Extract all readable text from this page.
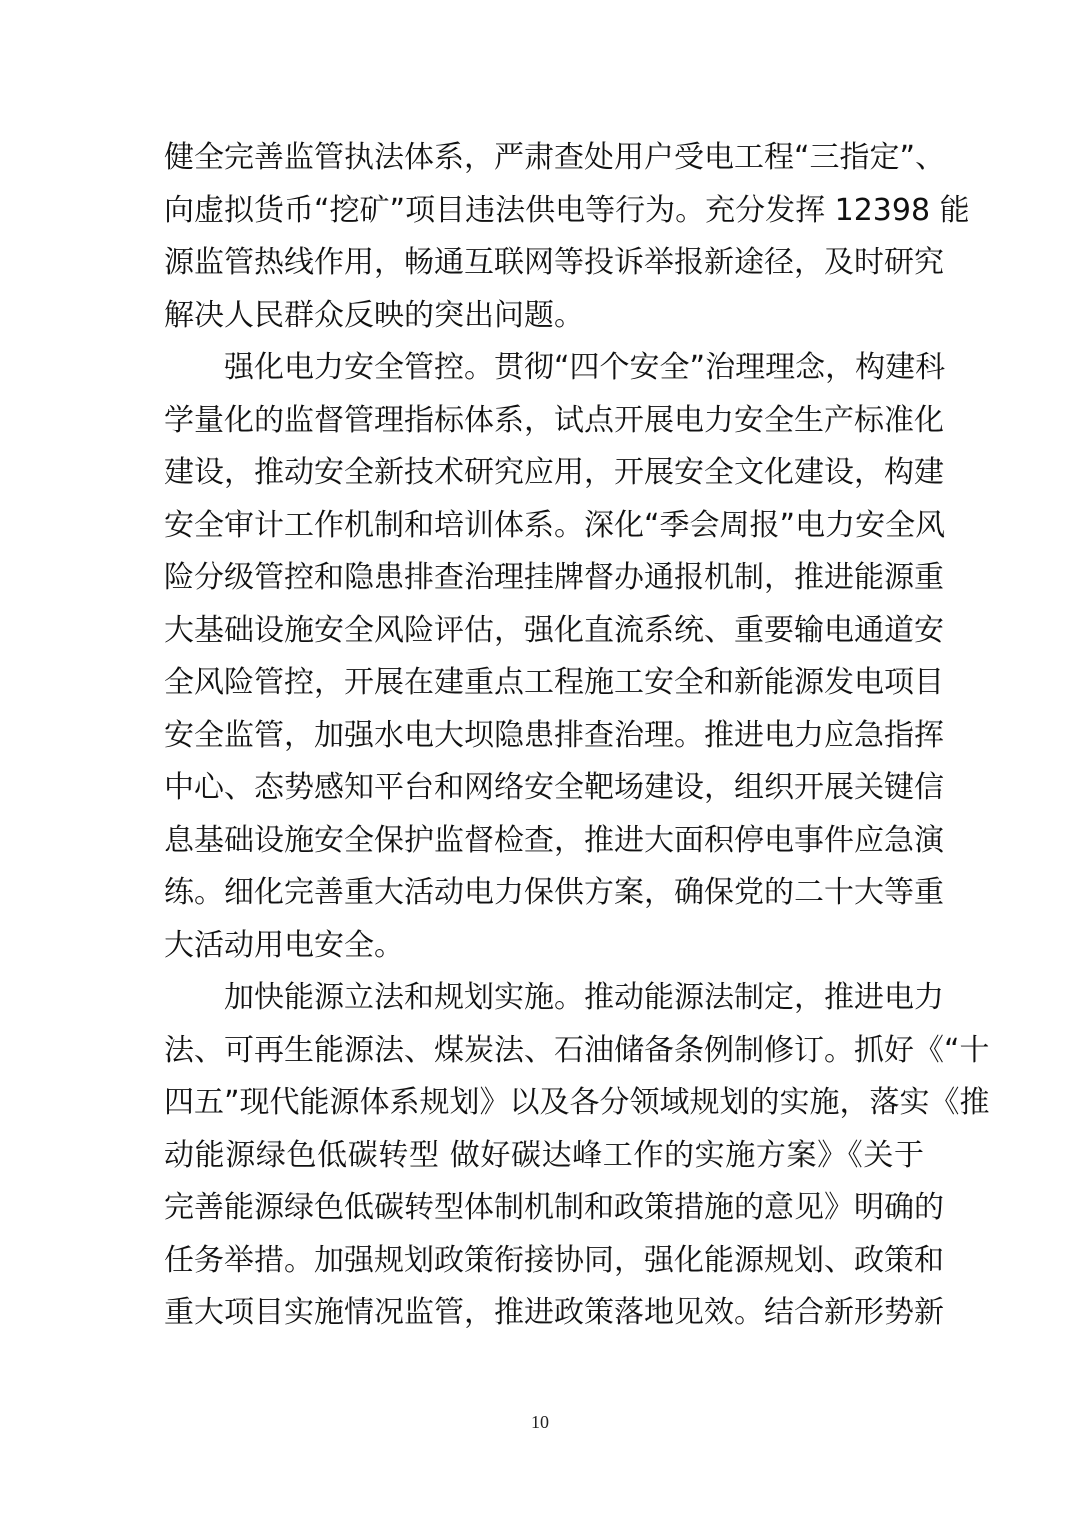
健全完善监管执法体系，严肃查处用户受电工程“三指定”、
向虚拟货币“挖矿”项目违法供电等行为。充分发挥 12398 能
源监管热线作用，畅通互联网等投诉举报新途径，及时研究
解决人民群众反映的突出问题。
强化电力安全管控。贯彻“四个安全”治理理念，构建科
学量化的监督管理指标体系，试点开展电力安全生产标准化
建设，推动安全新技术研究应用，开展安全文化建设，构建
安全审计工作机制和培训体系。深化“季会周报”电力安全风
险分级管控和隐患排查治理挂牌督办通报机制，推进能源重
大基础设施安全风险评估，强化直流系统、重要输电通道安
全风险管控，开展在建重点工程施工安全和新能源发电项目
安全监管，加强水电大坝隐患排查治理。推进电力应急指挥
中心、态势感知平台和网络安全靶场建设，组织开展关键信
息基础设施安全保护监督检查，推进大面积停电事件应急演
练。细化完善重大活动电力保供方案，确保党的二十大等重
大活动用电安全。
加快能源立法和规划实施。推动能源法制定，推进电力
法、可再生能源法、煤炭法、石油储备条例制修订。抓好《“十
四五”现代能源体系规划》以及各分领域规划的实施，落实《推
动能源绿色低碳转型 做好碳达峰工作的实施方案》《关于
完善能源绿色低碳转型体制机制和政策措施的意见》明确的
任务举措。加强规划政策衔接协同，强化能源规划、政策和
重大项目实施情况监管，推进政策落地见效。结合新形势新
10
